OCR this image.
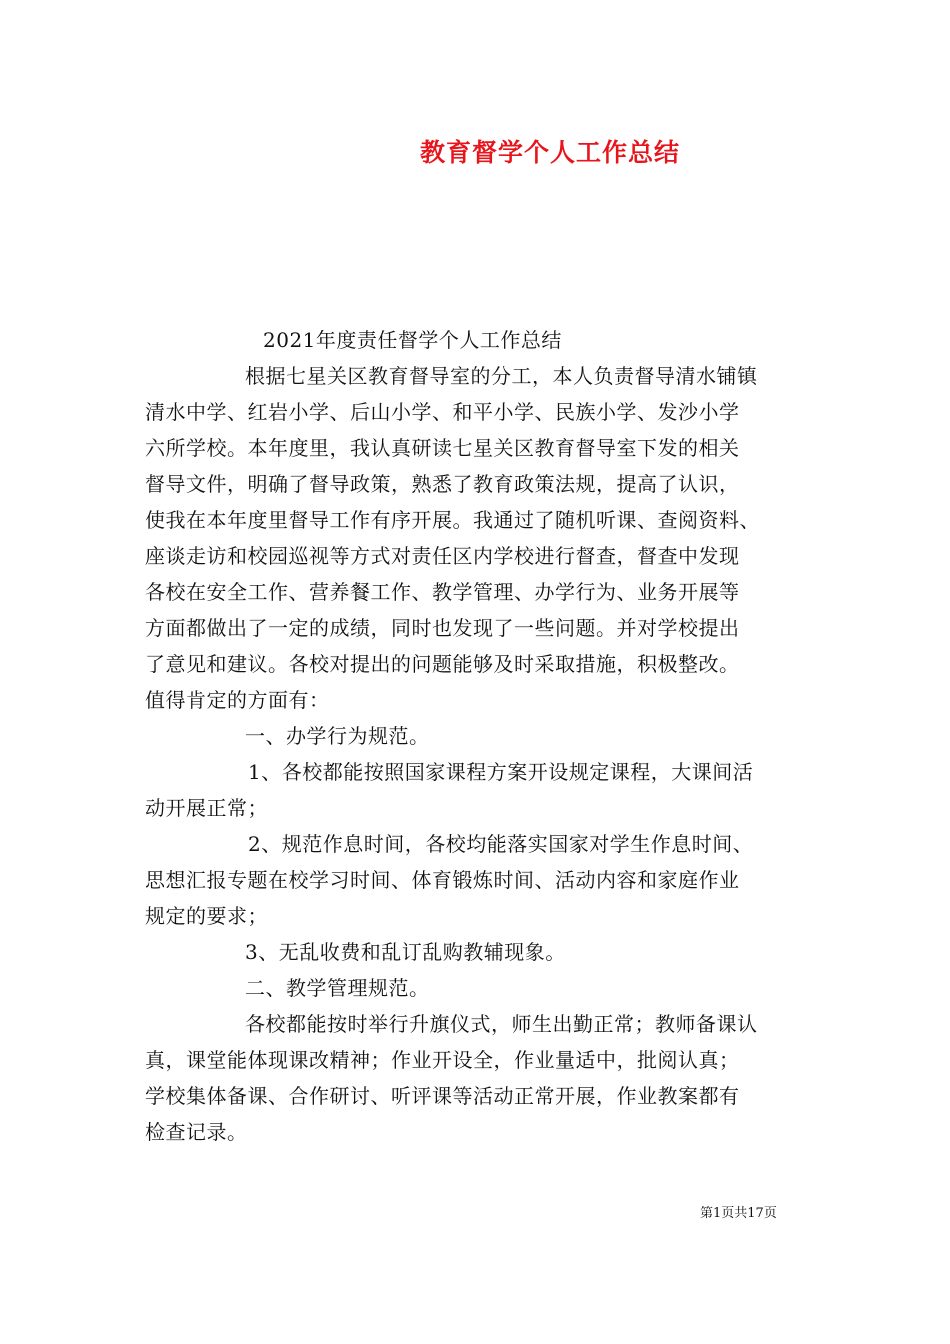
教育督学个人工作总结
2021年度责任督学个人工作总结
根据七星关区教育督导室的分工，本人负责督导清水铺镇
清水中学、红岩小学、后山小学、和平小学、民族小学、发沙小学
六所学校。本年度里，我认真研读七星关区教育督导室下发的相关
督导文件，明确了督导政策，熟悉了教育政策法规，提高了认识，
使我在本年度里督导工作有序开展。我通过了随机听课、查阅资料、
座谈走访和校园巡视等方式对责任区内学校进行督查，督查中发现
各校在安全工作、营养餐工作、教学管理、办学行为、业务开展等
方面都做出了一定的成绩，同时也发现了一些问题。并对学校提出
了意见和建议。各校对提出的问题能够及时采取措施，积极整改。
值得肯定的方面有：
一、办学行为规范。
1、各校都能按照国家课程方案开设规定课程，大课间活
动开展正常；
2、规范作息时间，各校均能落实国家对学生作息时间、
思想汇报专题在校学习时间、体育锻炼时间、活动内容和家庭作业
规定的要求；
3、无乱收费和乱订乱购教辅现象。
二、教学管理规范。
各校都能按时举行升旗仪式，师生出勤正常；教师备课认
真，课堂能体现课改精神；作业开设全，作业量适中，批阅认真；
学校集体备课、合作研讨、听评课等活动正常开展，作业教案都有
检查记录。
第1页共17页
